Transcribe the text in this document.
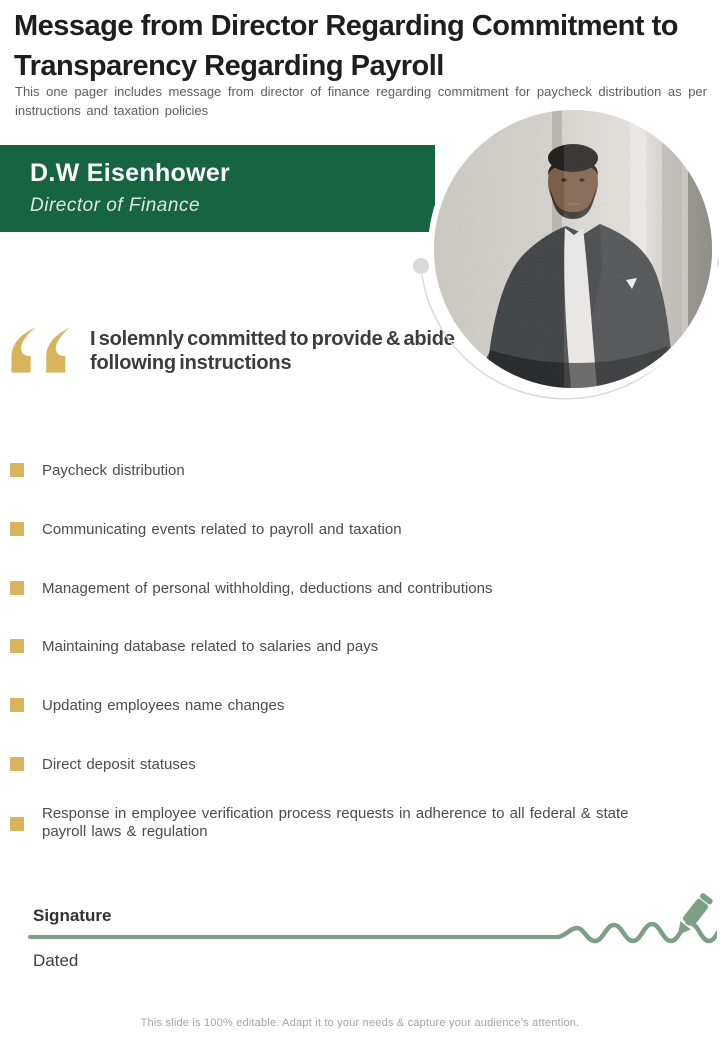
Message from Director Regarding Commitment to Transparency Regarding Payroll
This one pager includes message from director of finance regarding commitment for paycheck distribution as per instructions and taxation policies
D.W Eisenhower
Director of Finance
I solemnly committed to provide & abide following instructions
Paycheck distribution
Communicating events related to payroll and taxation
Management of personal withholding, deductions and contributions
Maintaining database related to salaries and pays
Updating employees name changes
Direct deposit statuses
Response in employee verification process requests in adherence to all federal & state payroll laws & regulation
Signature
Dated
This slide is 100% editable. Adapt it to your needs & capture your audience’s attention.
